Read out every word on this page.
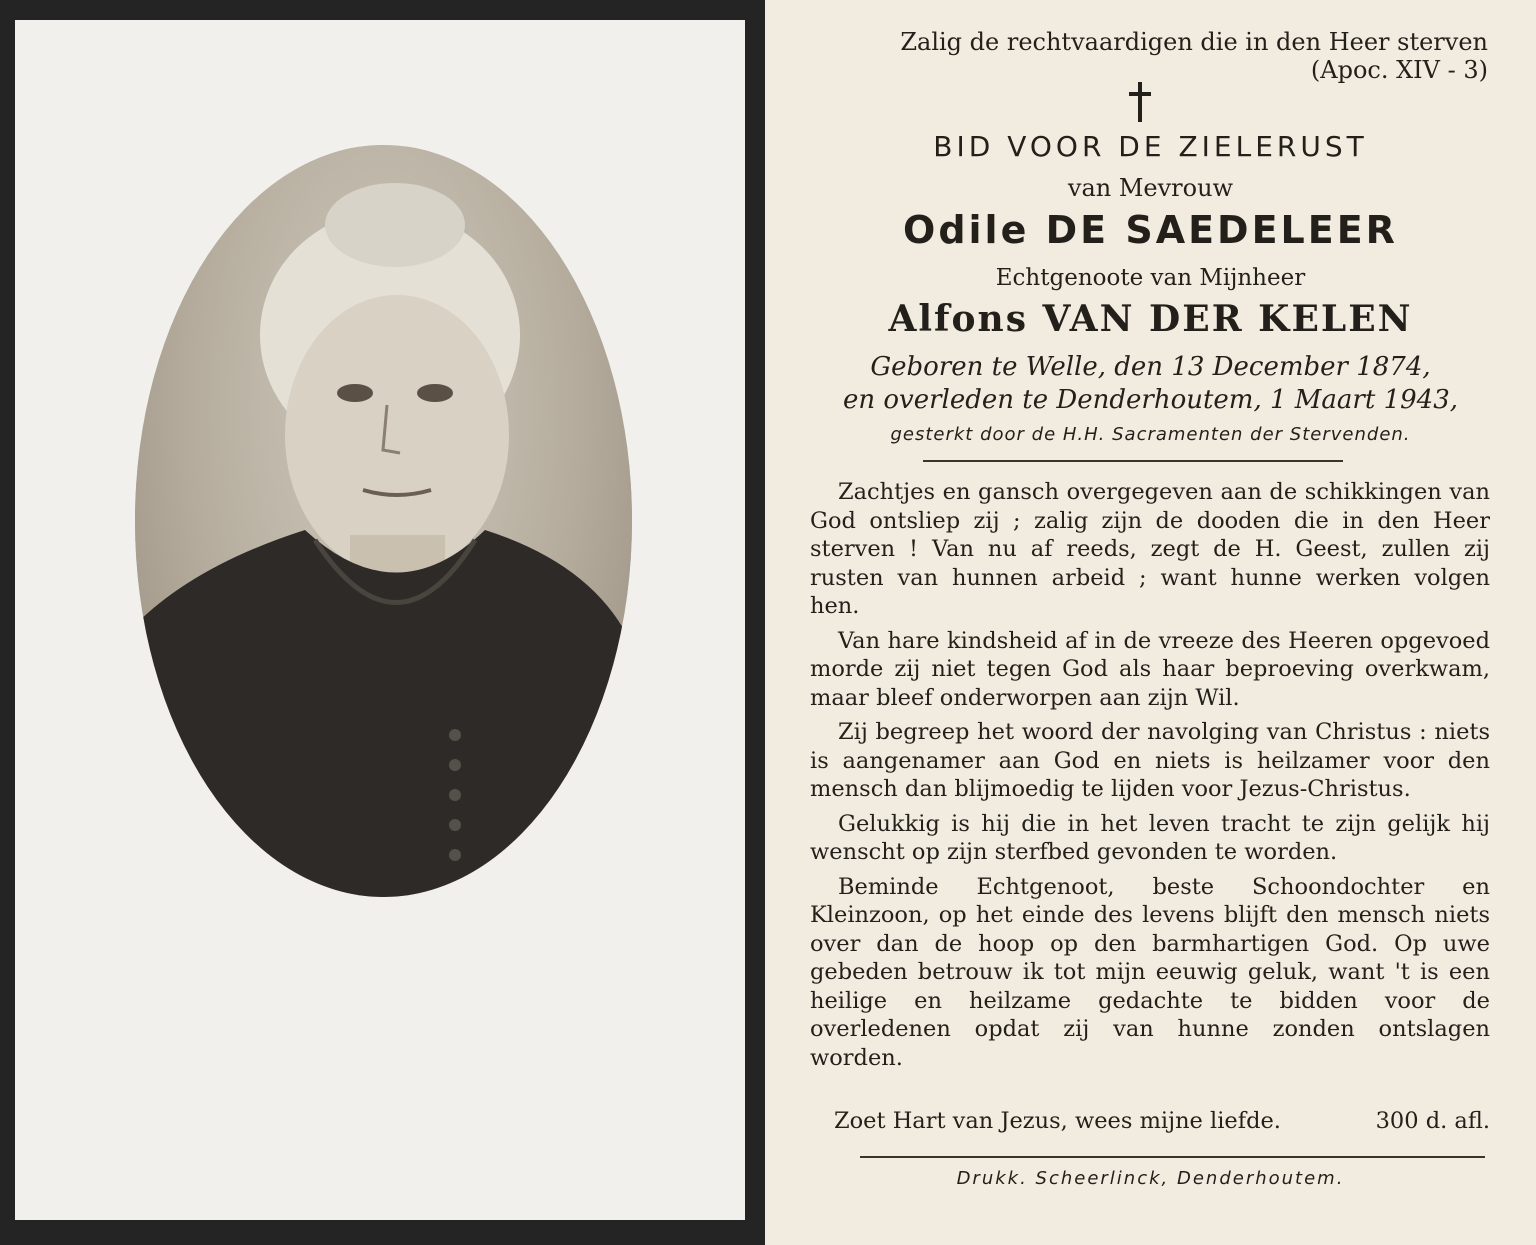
Zalig de rechtvaardigen die in den Heer sterven
(Apoc. XIV - 3)
BID VOOR DE ZIELERUST
van Mevrouw
Odile DE SAEDELEER
Echtgenoote van Mijnheer
Alfons VAN DER KELEN
Geboren te Welle, den 13 December 1874,
en overleden te Denderhoutem, 1 Maart 1943,
gesterkt door de H.H. Sacramenten der Stervenden.

Zachtjes en gansch overgegeven aan de schikkingen van God ontsliep zij ; zalig zijn de dooden die in den Heer sterven ! Van nu af reeds, zegt de H. Geest, zullen zij rusten van hunnen arbeid ; want hunne werken volgen hen.

Van hare kindsheid af in de vreeze des Heeren opgevoed morde zij niet tegen God als haar beproeving overkwam, maar bleef onderworpen aan zijn Wil.

Zij begreep het woord der navolging van Christus : niets is aangenamer aan God en niets is heilzamer voor den mensch dan blijmoedig te lijden voor Jezus-Christus.

Gelukkig is hij die in het leven tracht te zijn gelijk hij wenscht op zijn sterfbed gevonden te worden.

Beminde Echtgenoot, beste Schoondochter en Kleinzoon, op het einde des levens blijft den mensch niets over dan de hoop op den barmhartigen God. Op uwe gebeden betrouw ik tot mijn eeuwig geluk, want 't is een heilige en heilzame gedachte te bidden voor de overledenen opdat zij van hunne zonden ontslagen worden.

Zoet Hart van Jezus, wees mijne liefde.	300 d. afl.
Drukk. Scheerlinck, Denderhoutem.
